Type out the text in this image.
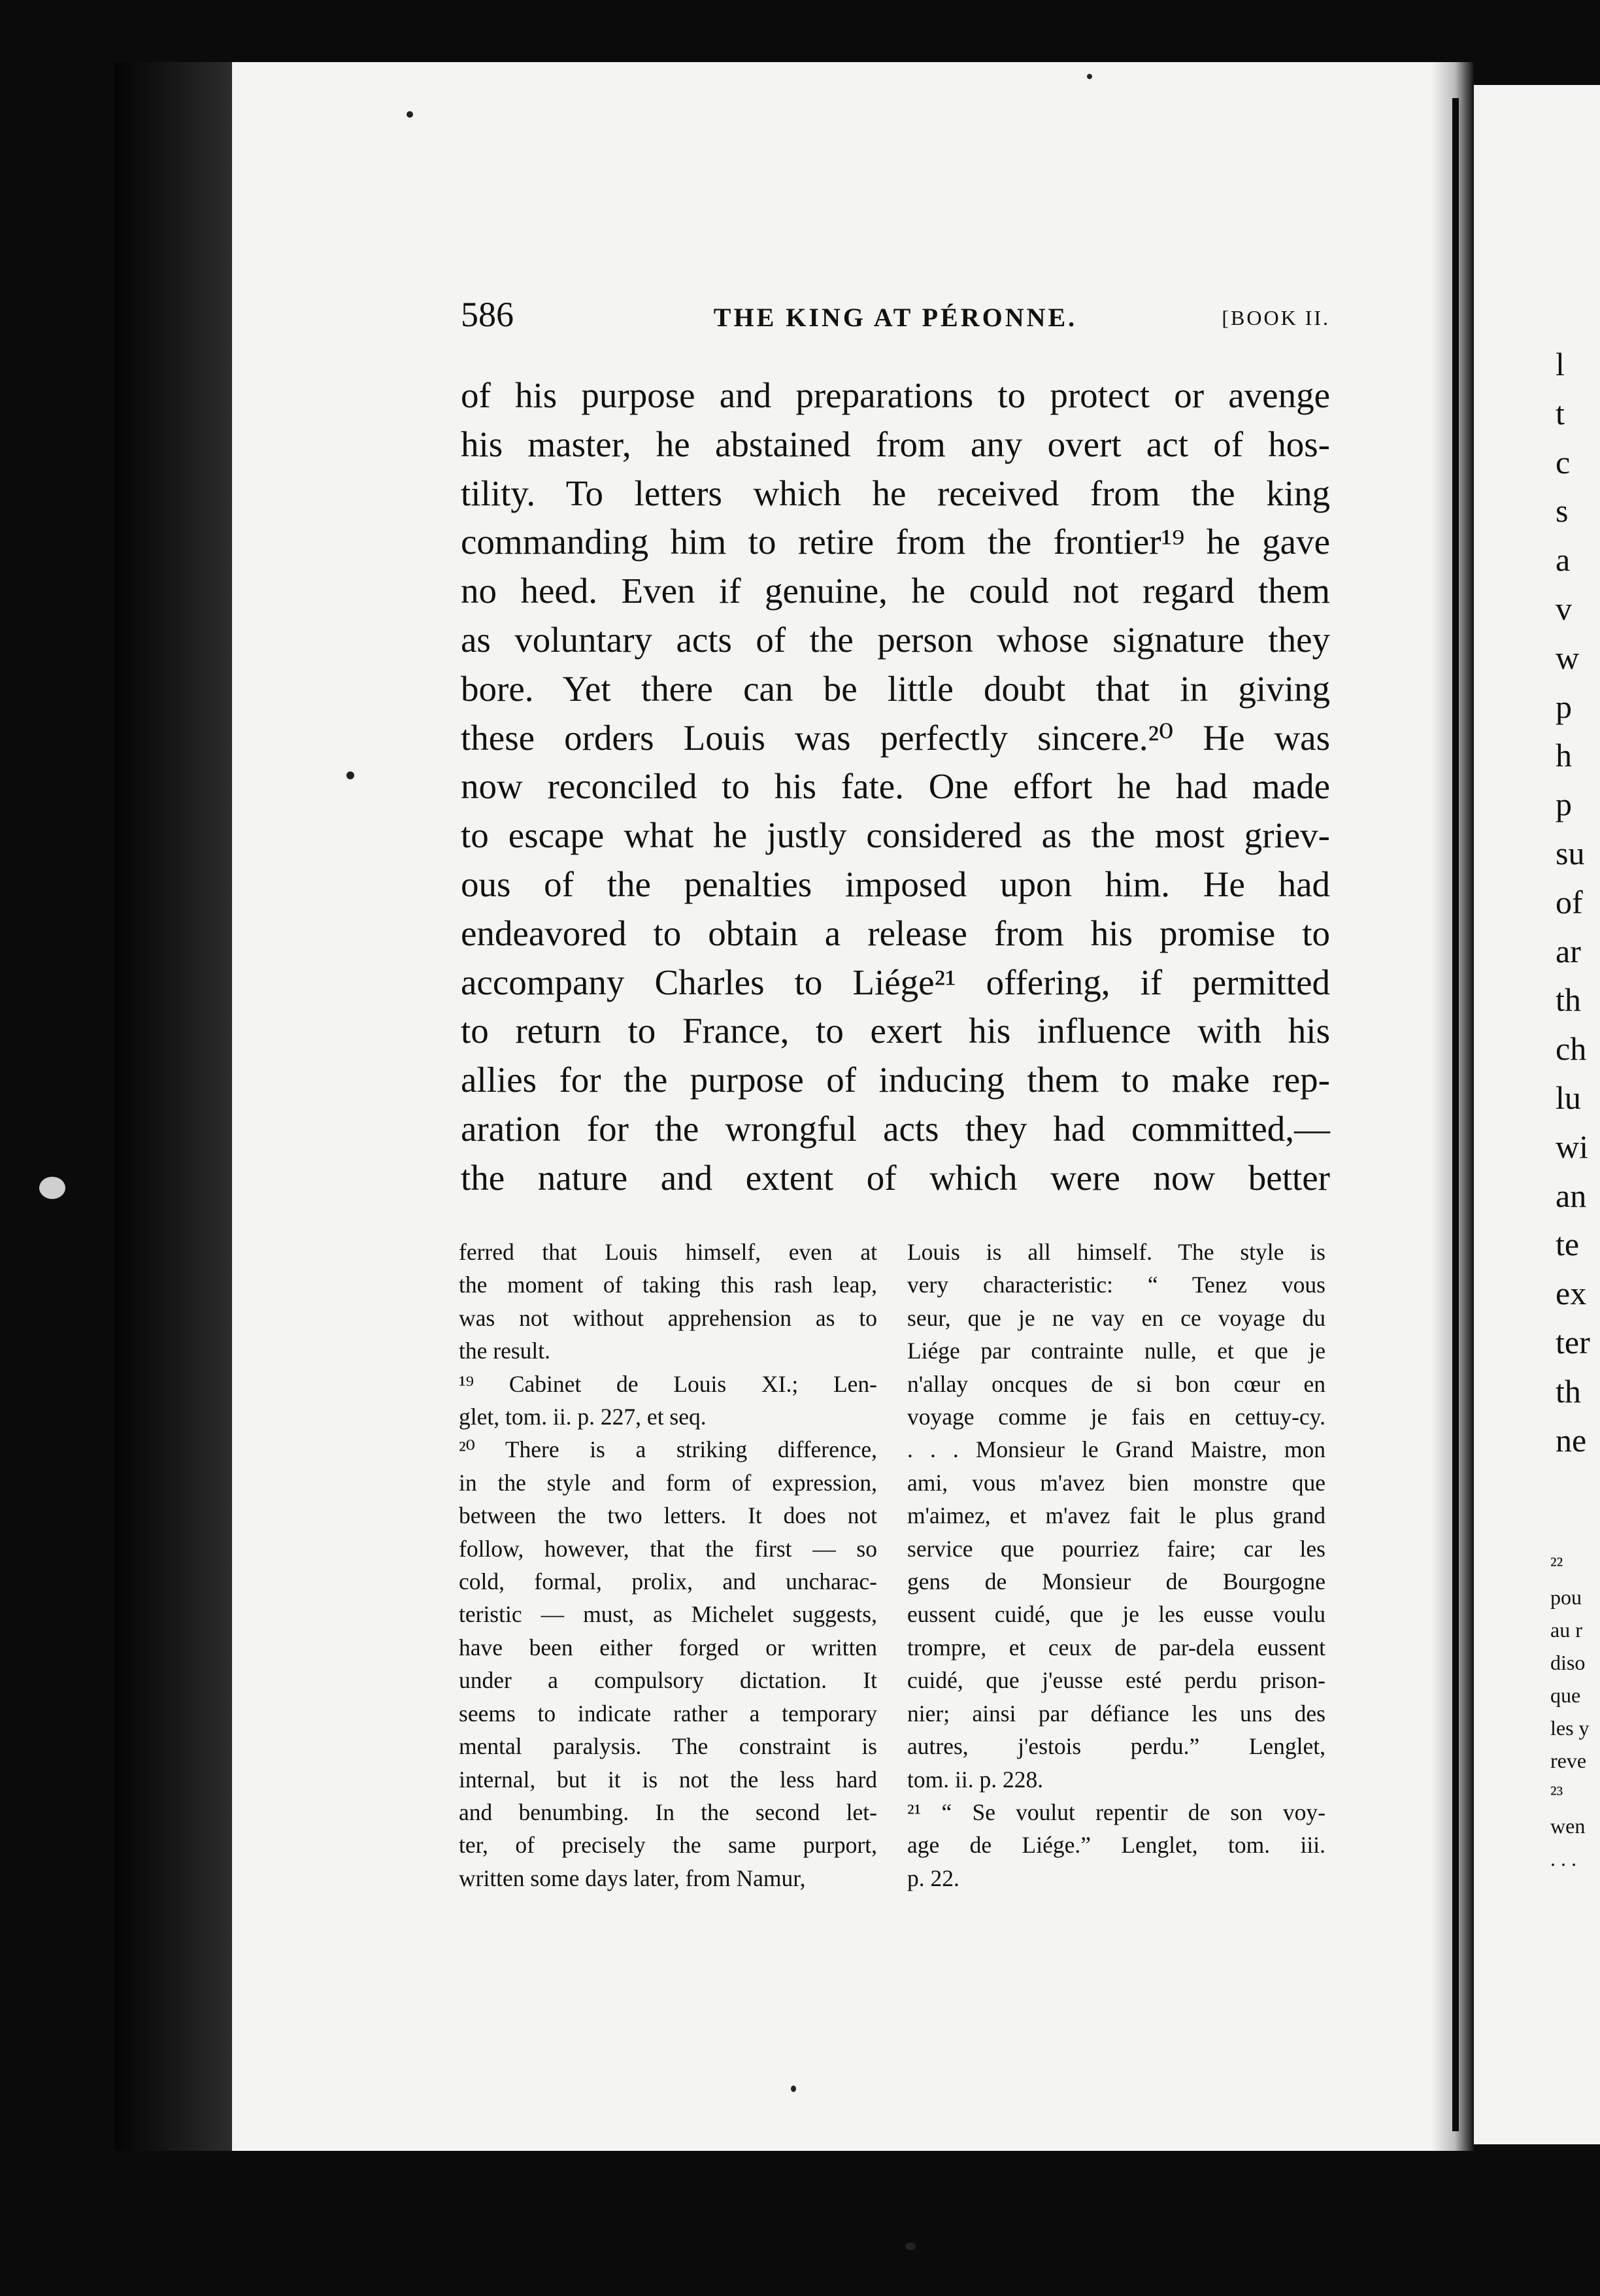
586	THE KING AT PÉRONNE.	[BOOK II.
of his purpose and preparations to protect or avenge
his master, he abstained from any overt act of hos-
tility. To letters which he received from the king
commanding him to retire from the frontier¹⁹ he gave
no heed. Even if genuine, he could not regard them
as voluntary acts of the person whose signature they
bore. Yet there can be little doubt that in giving
these orders Louis was perfectly sincere.²⁰ He was
now reconciled to his fate. One effort he had made
to escape what he justly considered as the most griev-
ous of the penalties imposed upon him. He had
endeavored to obtain a release from his promise to
accompany Charles to Liége²¹ offering, if permitted
to return to France, to exert his influence with his
allies for the purpose of inducing them to make rep-
aration for the wrongful acts they had committed,—
the nature and extent of which were now better
ferred that Louis himself, even at
the moment of taking this rash leap,
was not without apprehension as to
the result.
¹⁹ Cabinet de Louis XI.; Len-
glet, tom. ii. p. 227, et seq.
²⁰ There is a striking difference,
in the style and form of expression,
between the two letters. It does not
follow, however, that the first — so
cold, formal, prolix, and uncharac-
teristic — must, as Michelet suggests,
have been either forged or written
under a compulsory dictation. It
seems to indicate rather a temporary
mental paralysis. The constraint is
internal, but it is not the less hard
and benumbing. In the second let-
ter, of precisely the same purport,
written some days later, from Namur,
Louis is all himself. The style is
very characteristic: “ Tenez vous
seur, que je ne vay en ce voyage du
Liége par contrainte nulle, et que je
n'allay oncques de si bon cœur en
voyage comme je fais en cettuy-cy.
. . . Monsieur le Grand Maistre, mon
ami, vous m'avez bien monstre que
m'aimez, et m'avez fait le plus grand
service que pourriez faire; car les
gens de Monsieur de Bourgogne
eussent cuidé, que je les eusse voulu
trompre, et ceux de par-dela eussent
cuidé, que j'eusse esté perdu prison-
nier; ainsi par défiance les uns des
autres, j'estois perdu.” Lenglet,
tom. ii. p. 228.
²¹ “ Se voulut repentir de son voy-
age de Liége.” Lenglet, tom. iii.
p. 22.
l
t
c
s
a
v
w
p
h
p
su
of
ar
th
ch
lu
wi
an
te
ex
ter
th
ne
²²
pou
au r
diso
que
les y
reve
²³
wen
. . .
